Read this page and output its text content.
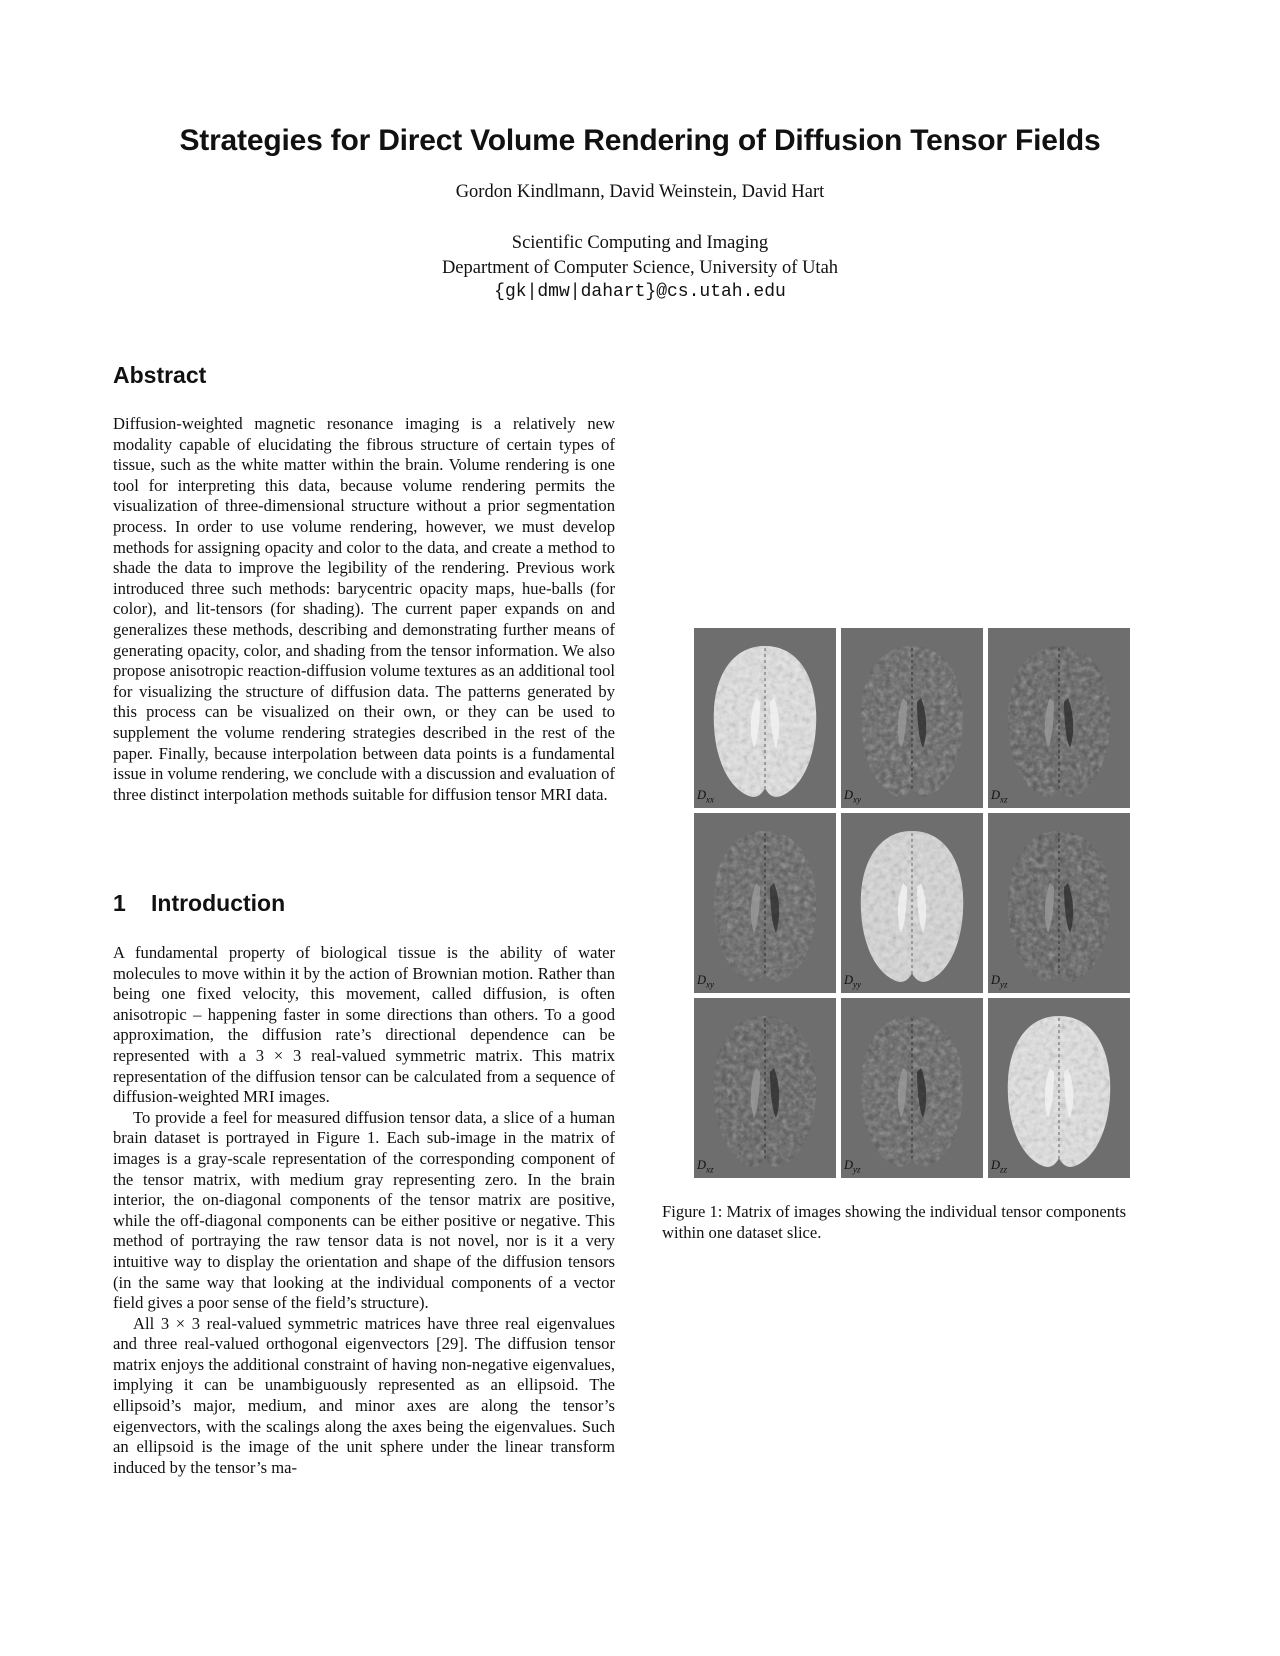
Strategies for Direct Volume Rendering of Diffusion Tensor Fields
Gordon Kindlmann, David Weinstein, David Hart
Scientific Computing and Imaging
Department of Computer Science, University of Utah
{gk|dmw|dahart}@cs.utah.edu
Abstract

Diffusion-weighted magnetic resonance imaging is a relatively new modality capable of elucidating the fibrous structure of certain types of tissue, such as the white matter within the brain. Volume rendering is one tool for interpreting this data, because volume rendering permits the visualization of three-dimensional structure without a prior segmentation process. In order to use volume rendering, however, we must develop methods for assigning opacity and color to the data, and create a method to shade the data to improve the legibility of the rendering. Previous work introduced three such methods: barycentric opacity maps, hue-balls (for color), and lit-tensors (for shading). The current paper expands on and generalizes these methods, describing and demonstrating further means of generating opacity, color, and shading from the tensor information. We also propose anisotropic reaction-diffusion volume textures as an additional tool for visualizing the structure of diffusion data. The patterns generated by this process can be visualized on their own, or they can be used to supplement the volume rendering strategies described in the rest of the paper. Finally, because interpolation between data points is a fundamental issue in volume rendering, we conclude with a discussion and evaluation of three distinct interpolation methods suitable for diffusion tensor MRI data.

1 Introduction

A fundamental property of biological tissue is the ability of water molecules to move within it by the action of Brownian motion. Rather than being one fixed velocity, this movement, called diffusion, is often anisotropic – happening faster in some directions than others. To a good approximation, the diffusion rate’s directional dependence can be represented with a 3 × 3 real-valued symmetric matrix. This matrix representation of the diffusion tensor can be calculated from a sequence of diffusion-weighted MRI images.

To provide a feel for measured diffusion tensor data, a slice of a human brain dataset is portrayed in Figure 1. Each sub-image in the matrix of images is a gray-scale representation of the corresponding component of the tensor matrix, with medium gray representing zero. In the brain interior, the on-diagonal components of the tensor matrix are positive, while the off-diagonal components can be either positive or negative. This method of portraying the raw tensor data is not novel, nor is it a very intuitive way to display the orientation and shape of the diffusion tensors (in the same way that looking at the individual components of a vector field gives a poor sense of the field’s structure).

All 3 × 3 real-valued symmetric matrices have three real eigenvalues and three real-valued orthogonal eigenvectors [29]. The diffusion tensor matrix enjoys the additional constraint of having non-negative eigenvalues, implying it can be unambiguously represented as an ellipsoid. The ellipsoid’s major, medium, and minor axes are along the tensor’s eigenvectors, with the scalings along the axes being the eigenvalues. Such an ellipsoid is the image of the unit sphere under the linear transform induced by the tensor’s ma-

$D_{xx}$	$D_{xy}$	$D_{xz}$
$D_{xy}$	$D_{yy}$	$D_{yz}$
$D_{xz}$	$D_{yz}$	$D_{zz}$
Figure 1: Matrix of images showing the individual tensor components within one dataset slice.
